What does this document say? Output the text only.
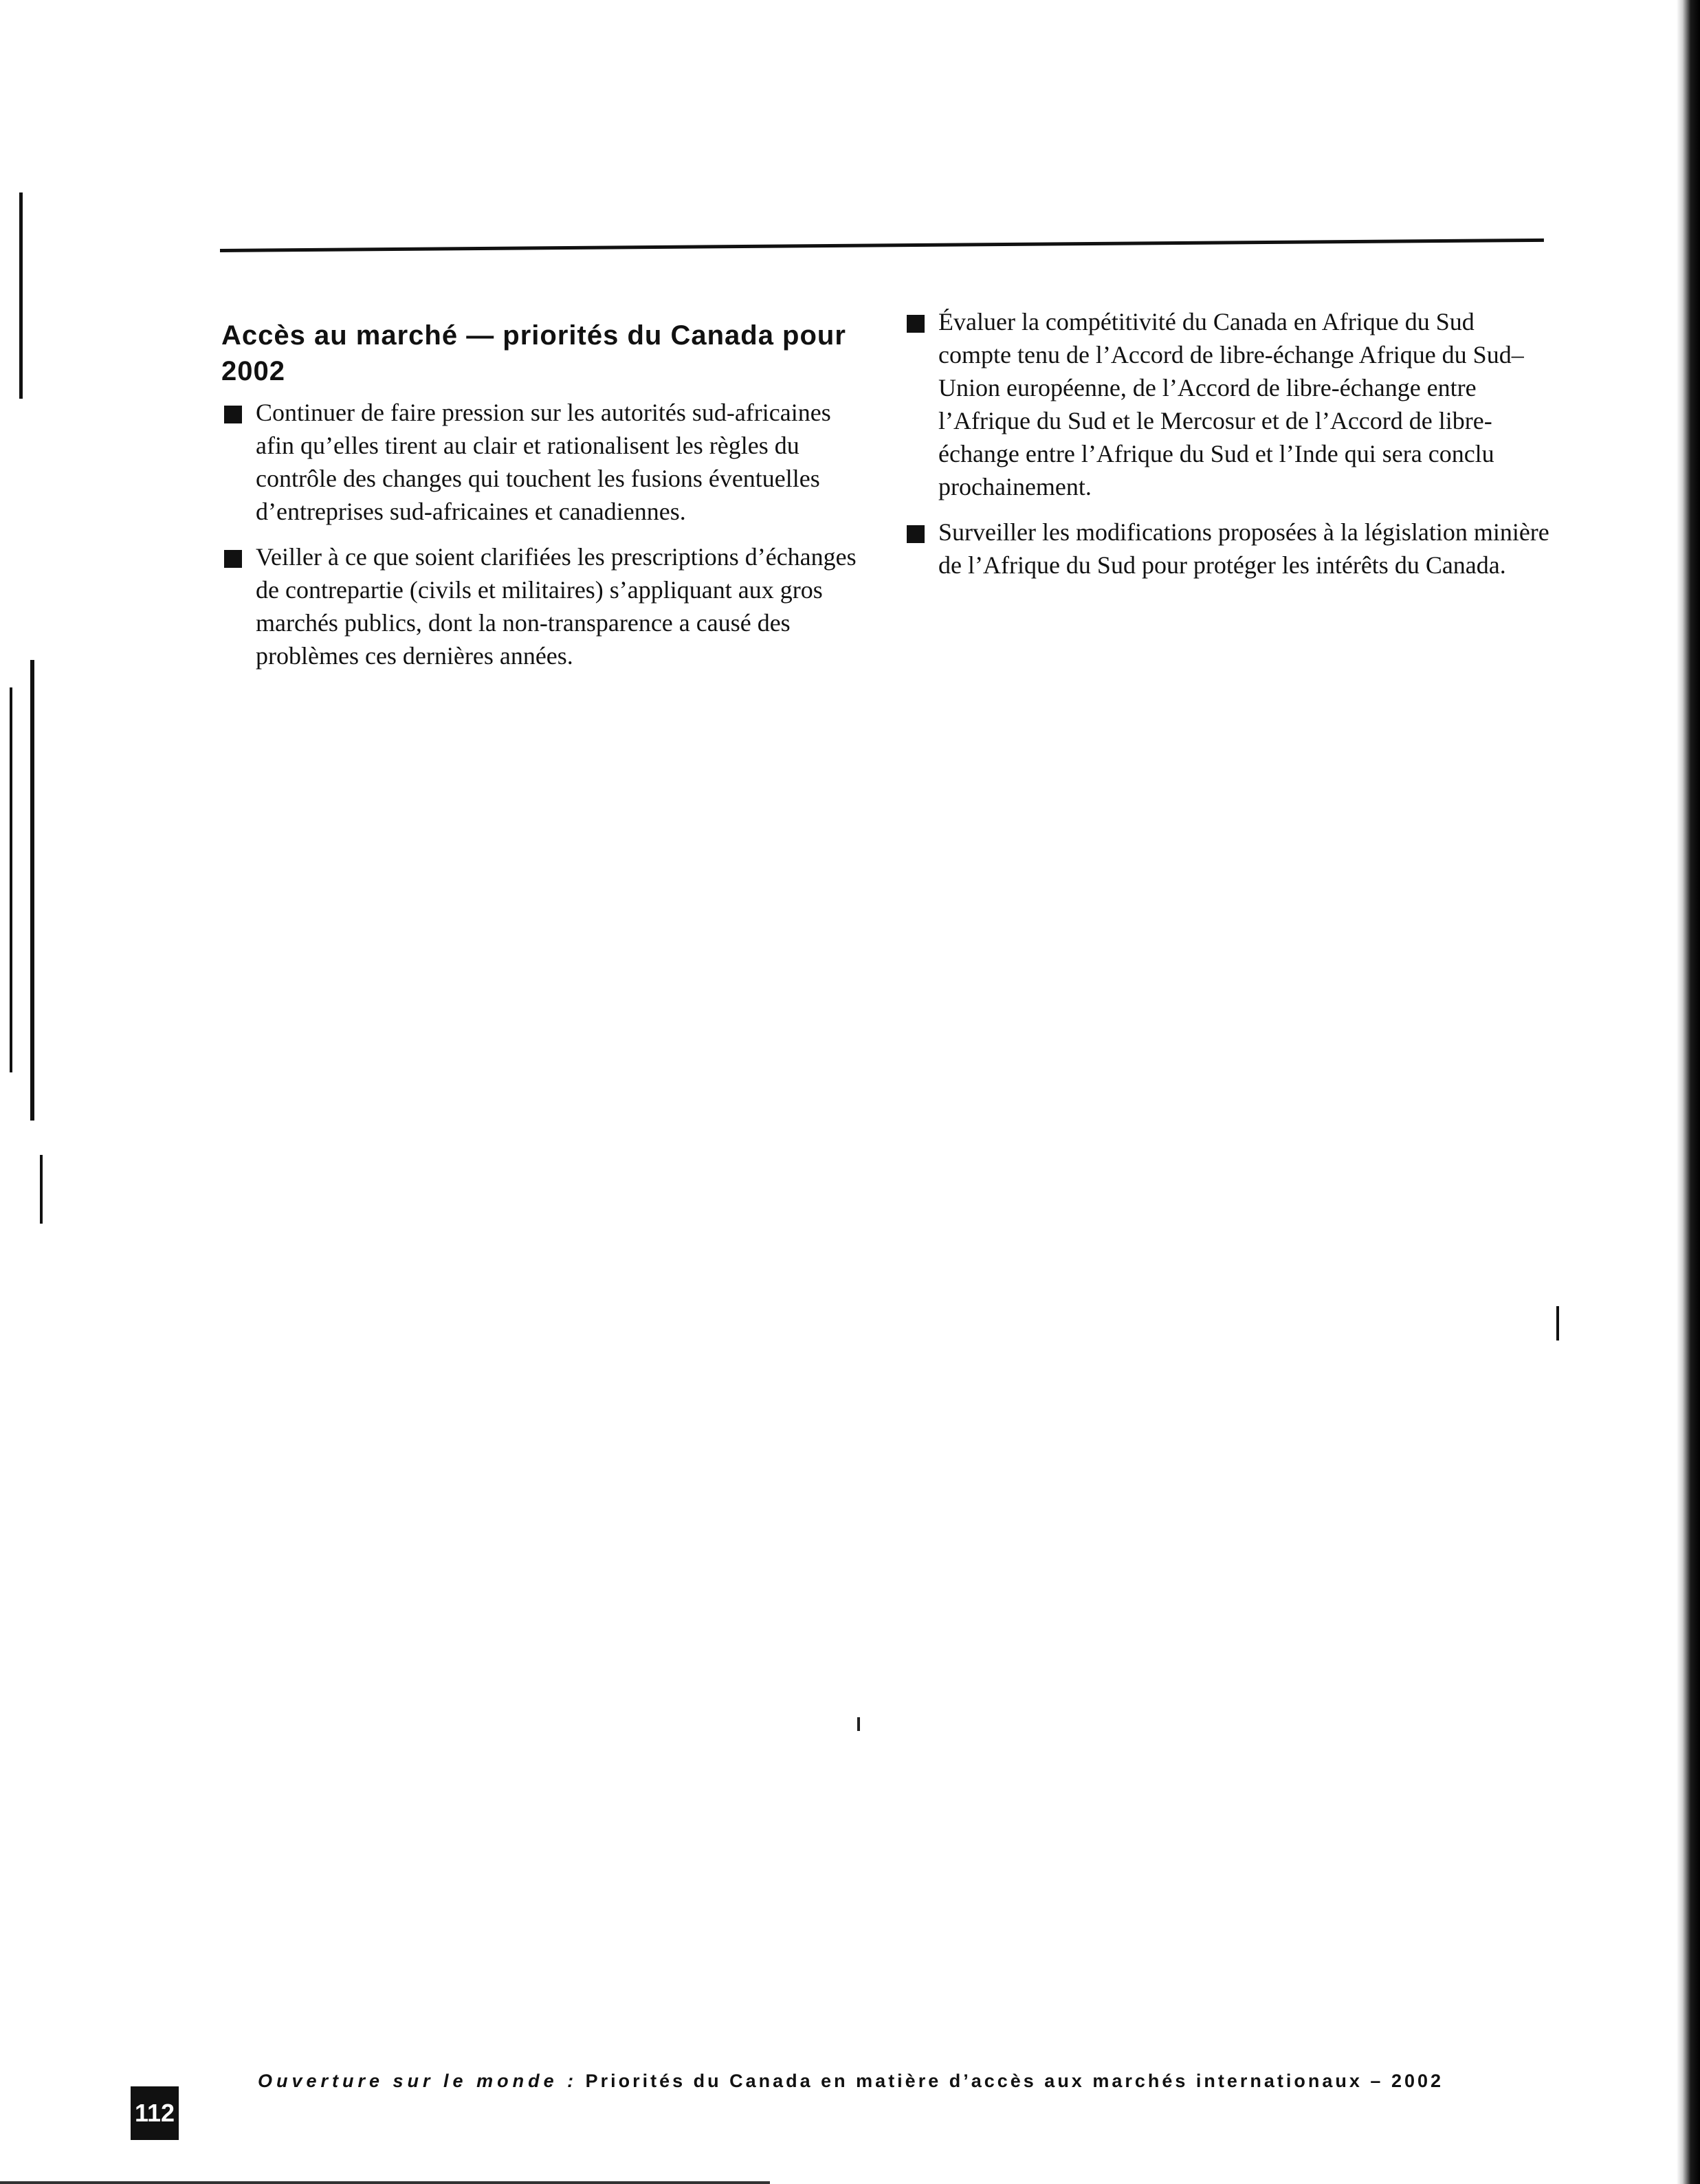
Accès au marché — priorités du Canada pour 2002
Continuer de faire pression sur les autorités sud-africaines afin qu’elles tirent au clair et rationalisent les règles du contrôle des changes qui touchent les fusions éventuelles d’entreprises sud-africaines et canadiennes.
Veiller à ce que soient clarifiées les prescriptions d’échanges de contrepartie (civils et militaires) s’appliquant aux gros marchés publics, dont la non-transparence a causé des problèmes ces dernières années.
Évaluer la compétitivité du Canada en Afrique du Sud compte tenu de l’Accord de libre-échange Afrique du Sud–Union européenne, de l’Accord de libre-échange entre l’Afrique du Sud et le Mercosur et de l’Accord de libre-échange entre l’Afrique du Sud et l’Inde qui sera conclu prochainement.
Surveiller les modifications proposées à la législation minière de l’Afrique du Sud pour protéger les intérêts du Canada.
112
Ouverture sur le monde : Priorités du Canada en matière d’accès aux marchés internationaux – 2002
